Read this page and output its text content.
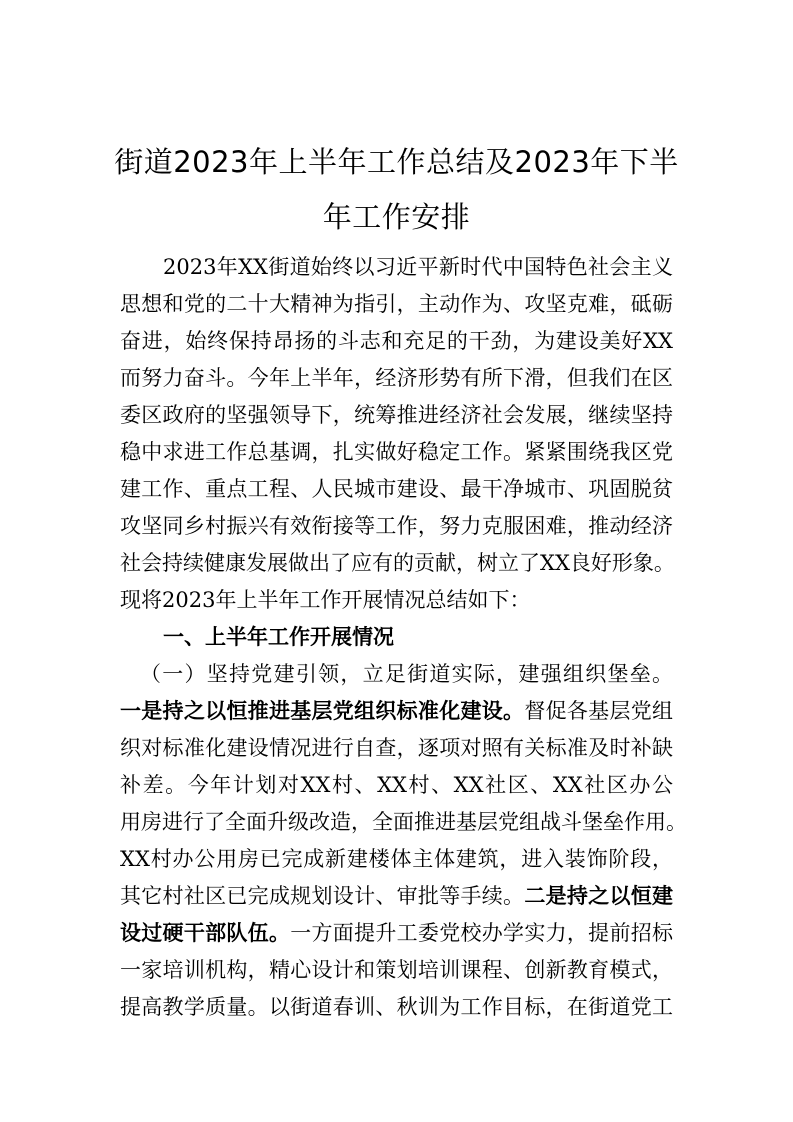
街道2023年上半年工作总结及2023年下半
年工作安排
2023年XX街道始终以习近平新时代中国特色社会主义
思想和党的二十大精神为指引，主动作为、攻坚克难，砥砺
奋进，始终保持昂扬的斗志和充足的干劲，为建设美好XX
而努力奋斗。今年上半年，经济形势有所下滑，但我们在区
委区政府的坚强领导下，统筹推进经济社会发展，继续坚持
稳中求进工作总基调，扎实做好稳定工作。紧紧围绕我区党
建工作、重点工程、人民城市建设、最干净城市、巩固脱贫
攻坚同乡村振兴有效衔接等工作，努力克服困难，推动经济
社会持续健康发展做出了应有的贡献，树立了XX良好形象。
现将2023年上半年工作开展情况总结如下：
一、上半年工作开展情况
（一）坚持党建引领，立足街道实际，建强组织堡垒。
一是持之以恒推进基层党组织标准化建设。督促各基层党组
织对标准化建设情况进行自查，逐项对照有关标准及时补缺
补差。今年计划对XX村、XX村、XX社区、XX社区办公
用房进行了全面升级改造，全面推进基层党组战斗堡垒作用。
XX村办公用房已完成新建楼体主体建筑，进入装饰阶段，
其它村社区已完成规划设计、审批等手续。二是持之以恒建
设过硬干部队伍。一方面提升工委党校办学实力，提前招标
一家培训机构，精心设计和策划培训课程、创新教育模式，
提高教学质量。以街道春训、秋训为工作目标，在街道党工
